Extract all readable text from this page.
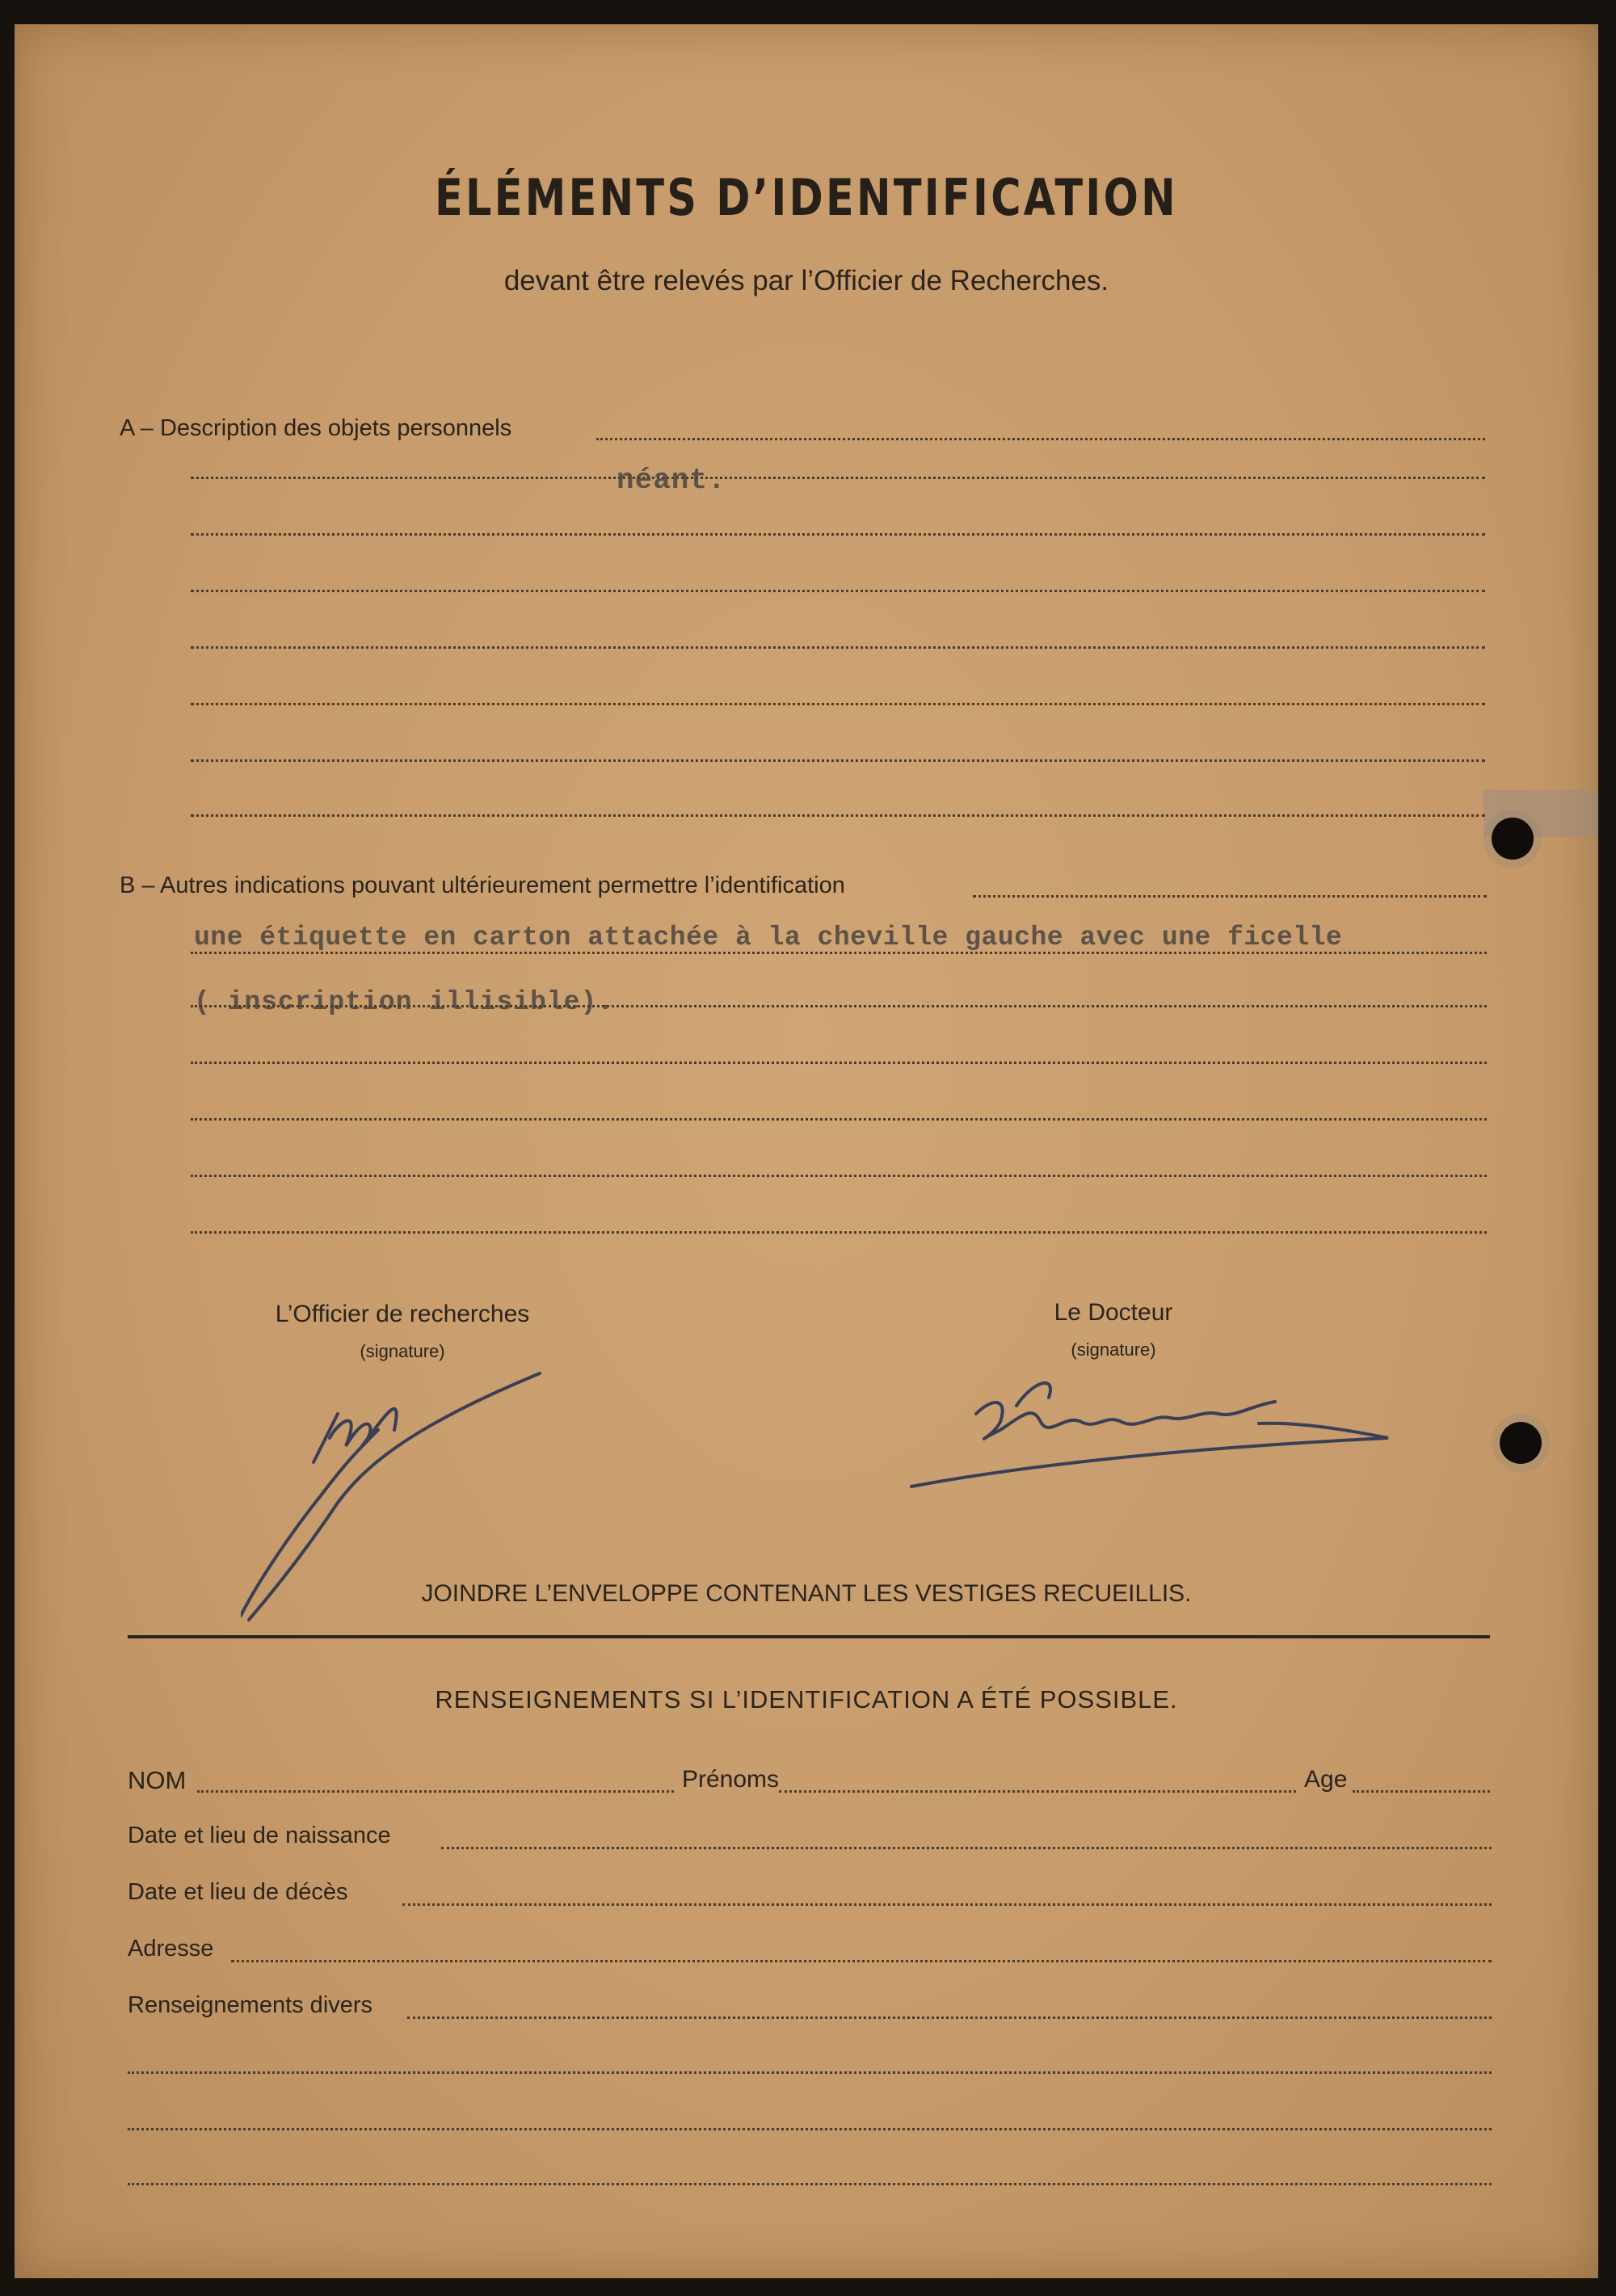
ÉLÉMENTS D’IDENTIFICATION
devant être relevés par l’Officier de Recherches.
A – Description des objets personnels
néant.
B – Autres indications pouvant ultérieurement permettre l’identification
une étiquette en carton attachée à la cheville gauche avec une ficelle
( inscription illisible).
L’Officier de recherches
(signature)
Le Docteur
(signature)
JOINDRE L’ENVELOPPE CONTENANT LES VESTIGES RECUEILLIS.
RENSEIGNEMENTS SI L’IDENTIFICATION A ÉTÉ POSSIBLE.
NOM	Prénoms	Age
Date et lieu de naissance
Date et lieu de décès
Adresse
Renseignements divers
